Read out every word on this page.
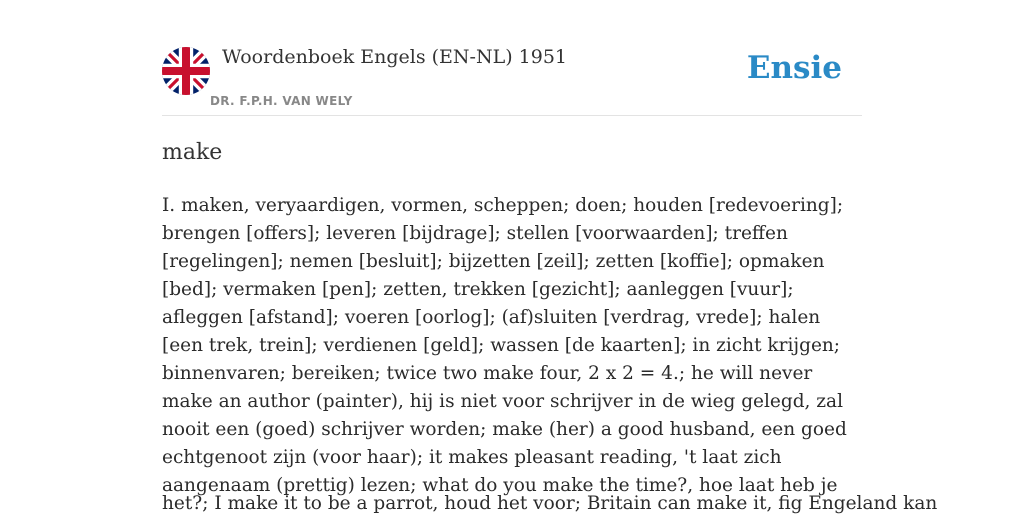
Woordenboek Engels (EN-NL) 1951
DR. F.P.H. VAN WELY
Ensie
make

I. maken, veryaardigen, vormen, scheppen; doen; houden [redevoering]; brengen [offers]; leveren [bijdrage]; stellen [voorwaarden]; treffen [regelingen]; nemen [besluit]; bijzetten [zeil]; zetten [koffie]; opmaken [bed]; vermaken [pen]; zetten, trekken [gezicht]; aanleggen [vuur]; afleggen [afstand]; voeren [oorlog]; (af)sluiten [verdrag, vrede]; halen [een trek, trein]; verdienen [geld]; wassen [de kaarten]; in zicht krijgen; binnenvaren; bereiken; twice two make four, 2 x 2 = 4.; he will never make an author (painter), hij is niet voor schrijver in de wieg gelegd, zal nooit een (goed) schrijver worden; make (her) a good husband, een goed echtgenoot zijn (voor haar); it makes pleasant reading, 't laat zich aangenaam (prettig) lezen; what do you make the time?, hoe laat heb je

het?; I make it to be a parrot, houd het voor; Britain can make it, fig Engeland kan
